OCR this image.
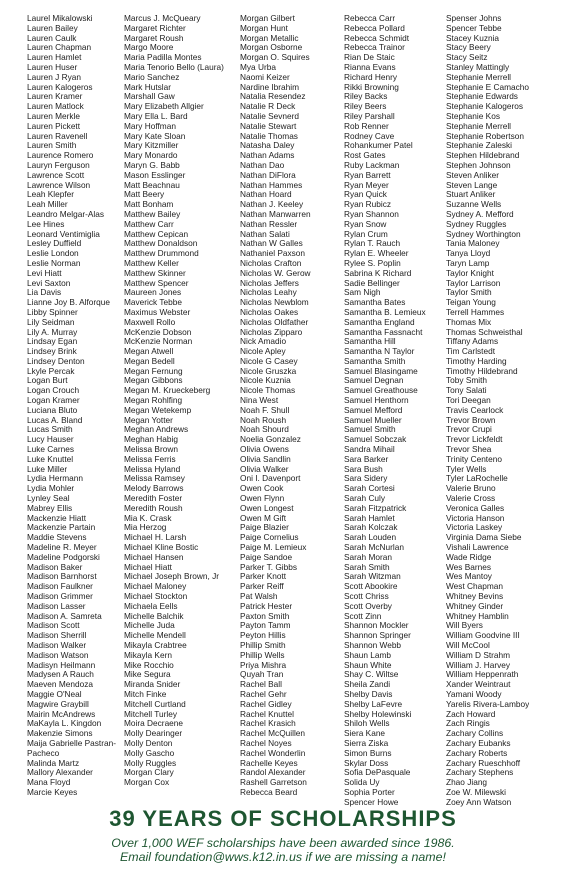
Laurel Mikalowski
Lauren Bailey
Lauren Caulk
Lauren Chapman
Lauren Hamlet
Lauren Huser
Lauren J Ryan
Lauren Kalogeros
Lauren Kramer
Lauren Matlock
Lauren Merkle
Lauren Pickett
Lauren Ravenell
Lauren Smith
Laurence Romero
Lauryn Ferguson
Lawrence Scott
Lawrence Wilson
Leah Klepfer
Leah Miller
Leandro Melgar-Alas
Lee Hines
Leonard Ventimiglia
Lesley Duffield
Leslie London
Leslie Norman
Levi Hiatt
Levi Saxton
Lia Davis
Lianne Joy B. Alforque
Libby Spinner
Lily Seidman
Lily A. Murray
Lindsay Egan
Lindsey Brink
Lindsey Denton
Lkyle Percak
Logan Burt
Logan Crouch
Logan Kramer
Luciana Bluto
Lucas A. Bland
Lucas Smith
Lucy Hauser
Luke Carnes
Luke Knuttel
Luke Miller
Lydia Hermann
Lydia Mohler
Lynley Seal
Mabrey Ellis
Mackenzie Hiatt
Mackenzie Partain
Maddie Stevens
Madeline R. Meyer
Madeline Podgorski
Madison Baker
Madison Barnhorst
Madison Faulkner
Madison Grimmer
Madison Lasser
Madison A. Samreta
Madison Scott
Madison Sherrill
Madison Walker
Madison Watson
Madisyn Heilmann
Madysen A Rauch
Maeven Mendoza
Maggie O'Neal
Magwire Graybill
Mairin McAndrews
MaKayla L. Kingdon
Makenzie Simons
Maija Gabrielle Pastran-
Pacheco
Malinda Martz
Mallory Alexander
Mana Floyd
Marcie Keyes
Marcus J. McQueary
Margaret Richter
Margaret Roush
Margo Moore
Maria Padilla Montes
Maria Tenorio Bello (Laura)
Mario Sanchez
Mark Hutslar
Marshall Gaw
Mary Elizabeth Allgier
Mary Ella L. Bard
Mary Hoffman
Mary Kate Sloan
Mary Kitzmiller
Mary Monardo
Maryn G. Babb
Mason Esslinger
Matt Beachnau
Matt Beery
Matt Bonham
Matthew Bailey
Matthew Carr
Matthew Cepican
Matthew Donaldson
Matthew Drummond
Matthew Keller
Matthew Skinner
Matthew Spencer
Maureen Jones
Maverick Tebbe
Maximus Webster
Maxwell Rollo
McKenzie Dobson
McKenzie Norman
Megan Atwell
Megan Bedell
Megan Fernung
Megan Gibbons
Megan M. Krueckeberg
Megan Rohlfing
Megan Wetekemp
Megan Yotter
Meghan Andrews
Meghan Habig
Melissa Brown
Melissa Ferris
Melissa Hyland
Melissa Ramsey
Melody Barrows
Meredith Foster
Meredith Roush
Mia K. Crask
Mia Herzog
Michael H. Larsh
Michael Kline Bostic
Michael Hansen
Michael Hiatt
Michael Joseph Brown, Jr
Michael Maloney
Michael Stockton
Michaela Eells
Michelle Balchik
Michelle Juda
Michelle Mendell
Mikayla Crabtree
Mikayla Kern
Mike Rocchio
Mike Segura
Miranda Snider
Mitch Finke
Mitchell Curtland
Mitchell Turley
Moira Decraene
Molly Dearinger
Molly Denton
Molly Gascho
Molly Ruggles
Morgan Clary
Morgan Cox
Morgan Gilbert
Morgan Hunt
Morgan Metallic
Morgan Osborne
Morgan O. Squires
Mya Urba
Naomi Keizer
Nardine Ibrahim
Natalia Resendez
Natalie R Deck
Natalie Sevnerd
Natalie Stewart
Natalie Thomas
Natasha Daley
Nathan Adams
Nathan Dao
Nathan DiFlora
Nathan Hammes
Nathan Hoard
Nathan J. Keeley
Nathan Manwarren
Nathan Ressler
Nathan Salati
Nathan W Galles
Nathaniel Paxson
Nicholas Crafton
Nicholas W. Gerow
Nicholas Jeffers
Nicholas Leahy
Nicholas Newblom
Nicholas Oakes
Nicholas Oldfather
Nicholas Zipparo
Nick Amadio
Nicole Apley
Nicole G Casey
Nicole Gruszka
Nicole Kuznia
Nicole Thomas
Nina West
Noah F. Shull
Noah Roush
Noah Shourd
Noelia Gonzalez
Olivia Owens
Olivia Sandlin
Olivia Walker
Oni I. Davenport
Owen Cook
Owen Flynn
Owen Longest
Owen M Gift
Paige Blazier
Paige Cornelius
Paige M. Lemieux
Paige Sandoe
Parker T. Gibbs
Parker Knott
Parker Reiff
Pat Walsh
Patrick Hester
Paxton Smith
Payton Tamm
Peyton Hillis
Phillip Smith
Phillip Wells
Priya Mishra
Quyah Tran
Rachel Ball
Rachel Gehr
Rachel Gidley
Rachel Knuttel
Rachel Krasich
Rachel McQuillen
Rachel Noyes
Rachel Wonderlin
Rachelle Keyes
Randol Alexander
Rashell Garretson
Rebecca Beard
Rebecca Carr
Rebecca Pollard
Rebecca Schmidt
Rebecca Trainor
Rian De Staic
Rianna Evans
Richard Henry
Rikki Browning
Riley Backs
Riley Beers
Riley Parshall
Rob Renner
Rodney Cave
Rohankumer Patel
Rost Gates
Ruby Lackman
Ryan Barrett
Ryan Meyer
Ryan Quick
Ryan Rubicz
Ryan Shannon
Ryan Snow
Rylan Crum
Rylan T. Rauch
Rylan E. Wheeler
Rylee S. Poplin
Sabrina K Richard
Sadie Bellinger
Sam Nigh
Samantha Bates
Samantha B. Lemieux
Samantha England
Samantha Fassnacht
Samantha Hill
Samantha N Taylor
Samantha Smith
Samuel Blasingame
Samuel Degnan
Samuel Greathouse
Samuel Henthorn
Samuel Mefford
Samuel Mueller
Samuel Smith
Samuel Sobczak
Sandra Mihail
Sara Barker
Sara Bush
Sara Sidery
Sarah Cortesi
Sarah Culy
Sarah Fitzpatrick
Sarah Hamlet
Sarah Kolczak
Sarah Louden
Sarah McNurlan
Sarah Moran
Sarah Smith
Sarah Witzman
Scott Abookire
Scott Chriss
Scott Overby
Scott Zinn
Shannon Mockler
Shannon Springer
Shannon Webb
Shaun Lamb
Shaun White
Shay C. Wiltse
Sheila Zandi
Shelby Davis
Shelby LaFevre
Shelby Holewinski
Shiloh Wells
Siera Kane
Sierra Ziska
Simon Burns
Skylar Doss
Sofia DePasquale
Solida Uy
Sophia Porter
Spencer Howe
Spenser Johns
Spencer Tebbe
Stacey Kuznia
Stacy Beery
Stacy Seitz
Stanley Mattingly
Stephanie Merrell
Stephanie E Camacho
Stephanie Edwards
Stephanie Kalogeros
Stephanie Kos
Stephanie Merrell
Stephanie Robertson
Stephanie Zaleski
Stephen Hildebrand
Stephen Johnson
Steven Anliker
Steven Lange
Stuart Anliker
Suzanne Wells
Sydney A. Mefford
Sydney Ruggles
Sydney Worthington
Tania Maloney
Tanya Lloyd
Taryn Lamp
Taylor Knight
Taylor Larrison
Taylor Smith
Teigan Young
Terrell Hammes
Thomas Mix
Thomas Schweisthal
Tiffany Adams
Tim Carlstedt
Timothy Harding
Timothy Hildebrand
Toby Smith
Tony Salati
Tori Deegan
Travis Cearlock
Trevor Brown
Trevor Crupi
Trevor Lickfeldt
Trevor Shea
Trinity Centeno
Tyler Wells
Tyler LaRochelle
Valerie Bruno
Valerie Cross
Veronica Galles
Victoria Hanson
Victoria Laskey
Virginia Dama Siebe
Vishali Lawrence
Wade Ridge
Wes Barnes
Wes Mantoy
West Chapman
Whitney Bevins
Whitney Ginder
Whitney Hamblin
Will Byers
William Goodvine III
Will McCool
William D Strahm
William J. Harvey
William Heppenrath
Xander Weintraut
Yamani Woody
Yarelis Rivera-Lamboy
Zach Howard
Zach Ringis
Zachary Collins
Zachary Eubanks
Zachary Roberts
Zachary Rueschhoff
Zachary Stephens
Zhao Jiang
Zoe W. Milewski
Zoey Ann Watson
39 YEARS OF SCHOLARSHIPS
Over 1,000 WEF scholarships have been awarded since 1986.
Email foundation@wws.k12.in.us if we are missing a name!
